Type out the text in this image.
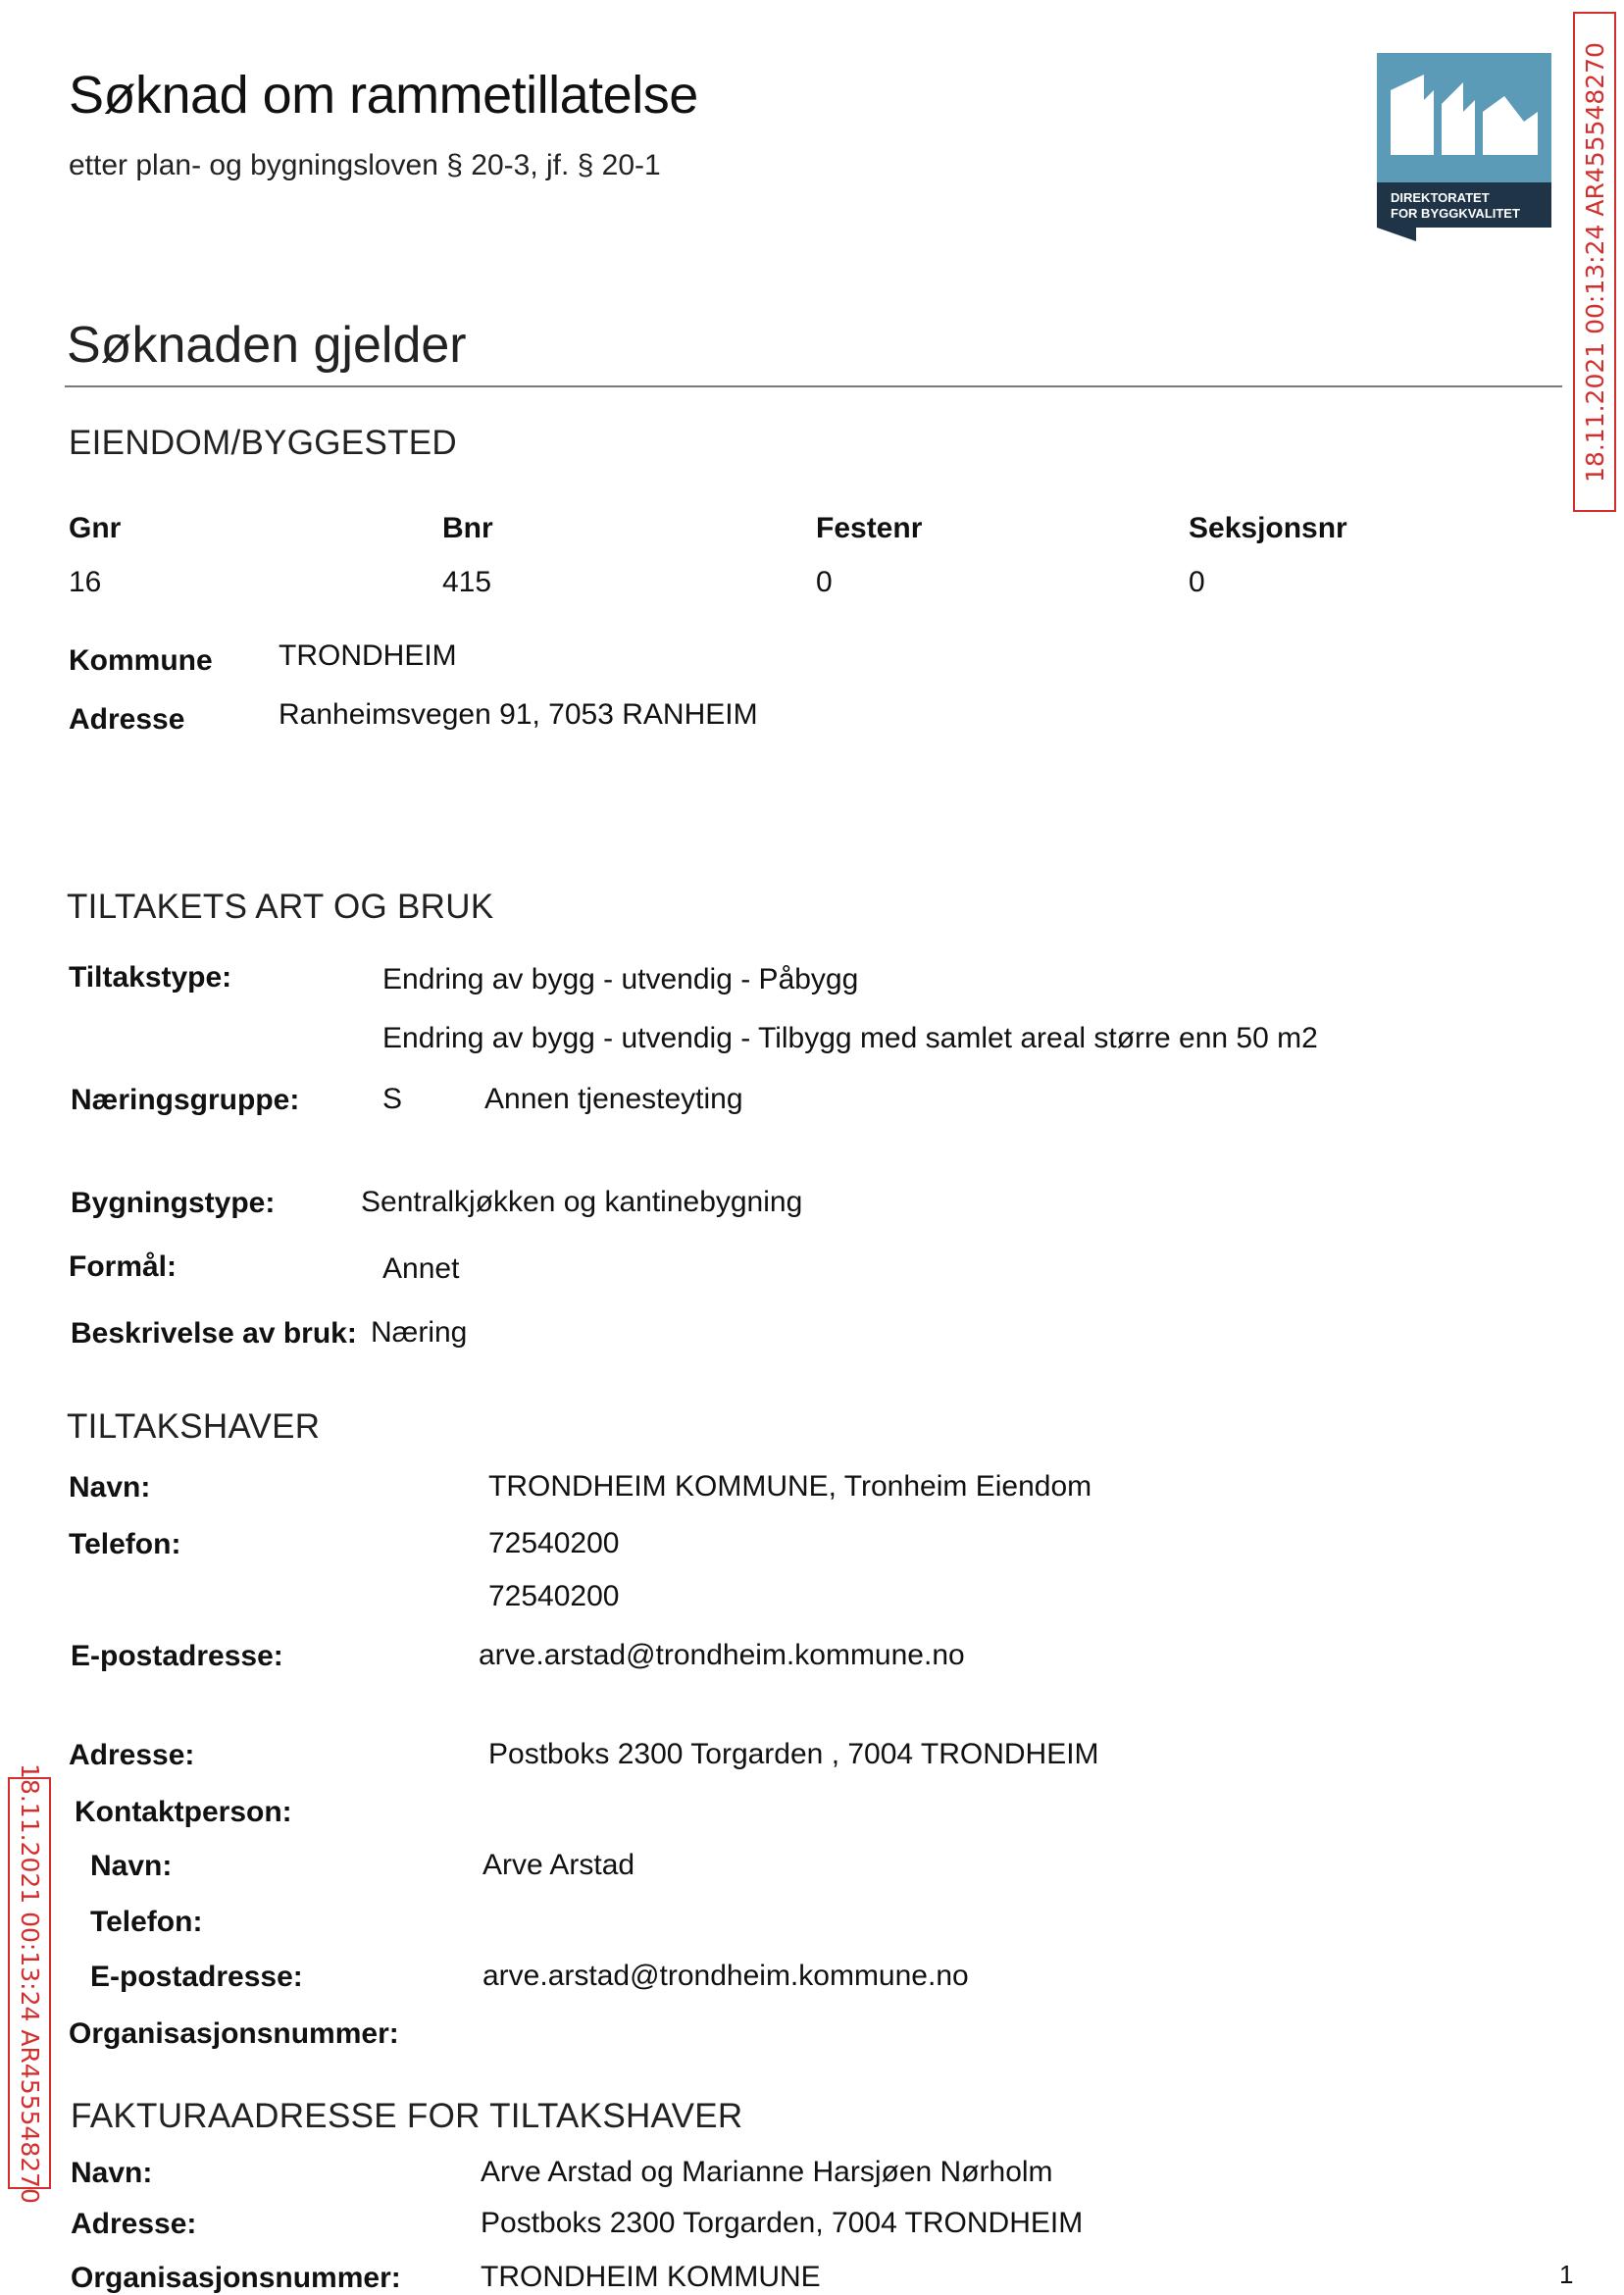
Søknad om rammetillatelse
etter plan- og bygningsloven § 20-3, jf. § 20-1
DIREKTORATET
FOR BYGGKVALITET 18.11.2021 00:13:24 AR455548270
18.11.2021 00:13:24 AR455548270
Søknaden gjelder
EIENDOM/BYGGESTED
Gnr	Bnr	Festenr	Seksjonsnr
16	415	0	0
Kommune TRONDHEIM
Adresse	Ranheimsvegen 91, 7053 RANHEIM
TILTAKETS ART OG BRUK
Tiltakstype:	Endring av bygg - utvendig - Påbygg
Endring av bygg - utvendig - Tilbygg med samlet areal større enn 50 m2
Næringsgruppe:	S	Annen tjenesteyting
Bygningstype:	Sentralkjøkken og kantinebygning
Formål:	Annet
Beskrivelse av bruk: Næring
TILTAKSHAVER
Navn:	TRONDHEIM KOMMUNE, Tronheim Eiendom
Telefon:	72540200
72540200
E-postadresse:	arve.arstad@trondheim.kommune.no
Adresse:	Postboks 2300 Torgarden , 7004 TRONDHEIM
Kontaktperson:
Navn:	Arve Arstad
Telefon:
E-postadresse:	arve.arstad@trondheim.kommune.no
Organisasjonsnummer:
FAKTURAADRESSE FOR TILTAKSHAVER
Navn:	Arve Arstad og Marianne Harsjøen Nørholm
Adresse:	Postboks 2300 Torgarden, 7004 TRONDHEIM
Organisasjonsnummer:	TRONDHEIM KOMMUNE	1
